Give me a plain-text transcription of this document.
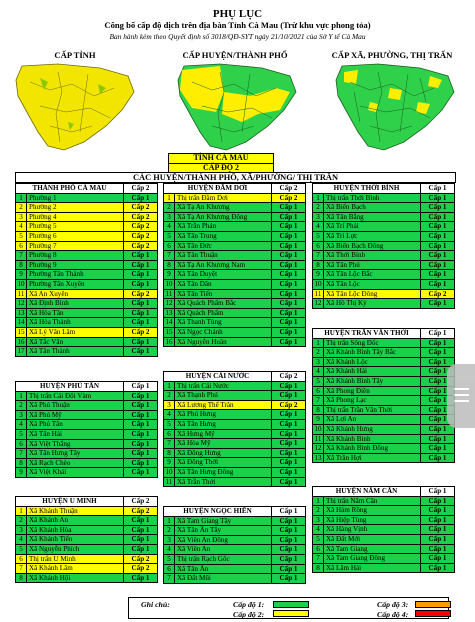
PHỤ LỤC
Công bố cấp độ dịch trên địa bàn Tỉnh Cà Mau (Trừ khu vực phong tỏa)
Ban hành kèm theo Quyết định số 3018/QĐ-SYT ngày 21/10/2021 của Sở Y tế Cà Mau
CẤP TỈNH	CẤP HUYỆN/THÀNH PHỐ	CẤP XÃ, PHƯỜNG, THỊ TRẤN
TỈNH CÀ MAU
CẤP ĐỘ 2
CÁC HUYỆN/THÀNH PHỐ, XÃ/PHƯỜNG/ THỊ TRẤN
THÀNH PHỐ CÀ MAU	Cấp 2
1 Phường 1	Cấp 1
2 Phường 2	Cấp 2
3 Phường 4	Cấp 2
4 Phường 5	Cấp 2
5 Phường 6	Cấp 2
6 Phường 7	Cấp 2
7 Phường 8	Cấp 1
8 Phường 9	Cấp 1
9 Phường Tân Thành	Cấp 1
10 Phường Tân Xuyên	Cấp 1
11 Xã An Xuyên	Cấp 2
12 Xã Định Bình	Cấp 1
13 Xã Hòa Tân	Cấp 1
14 Xã Hòa Thành	Cấp 1
15 Xã Lý Văn Lâm	Cấp 2
16 Xã Tắc Vân	Cấp 1
17 Xã Tân Thành	Cấp 1
HUYỆN PHÚ TÂN	Cấp 1
1 Thị trấn Cái Đôi Vàm	Cấp 1
2 Xã Phú Thuận	Cấp 1
3 Xã Phú Mỹ	Cấp 1
4 Xã Phú Tân	Cấp 1
5 Xã Tân Hải	Cấp 1
6 Xã Việt Thắng	Cấp 1
7 Xã Tân Hưng Tây	Cấp 1
8 Xã Rạch Chèo	Cấp 1
9 Xã Việt Khái	Cấp 1
HUYỆN U MINH	Cấp 2
1 Xã Khánh Thuận	Cấp 2
2 Xã Khánh An	Cấp 1
3 Xã Khánh Hòa	Cấp 1
4 Xã Khánh Tiến	Cấp 1
5 Xã Nguyễn Phích	Cấp 1
6 Thị trấn U Minh	Cấp 2
7 Xã Khánh Lâm	Cấp 2
8 Xã Khánh Hội	Cấp 1
HUYỆN ĐẦM DƠI	Cấp 2
1 Thị trấn Đầm Dơi	Cấp 2
2 Xã Tạ An Khương	Cấp 1
3 Xã Tạ An Khương Đông	Cấp 1
4 Xã Trần Phán	Cấp 1
5 Xã Tân Trung	Cấp 1
6 Xã Tân Đức	Cấp 1
7 Xã Tân Thuận	Cấp 1
8 Xã Tạ An Khương Nam	Cấp 1
9 Xã Tân Duyệt	Cấp 1
10 Xã Tân Dân	Cấp 1
11 Xã Tân Tiến	Cấp 1
12 Xã Quách Phẩm Bắc	Cấp 1
13 Xã Quách Phẩm	Cấp 1
14 Xã Thanh Tùng	Cấp 1
15 Xã Ngọc Chánh	Cấp 1
16 Xã Nguyễn Huân	Cấp 1
HUYỆN CÁI NƯỚC	Cấp 2
1 Thị trấn Cái Nước	Cấp 1
2 Xã Thạnh Phú	Cấp 1
3 Xã Lương Thế Trân	Cấp 2
4 Xã Phú Hưng	Cấp 1
5 Xã Tân Hưng	Cấp 1
6 Xã Hưng Mỹ	Cấp 1
7 Xã Hòa Mỹ	Cấp 1
8 Xã Đông Hưng	Cấp 1
9 Xã Đông Thới	Cấp 1
10 Xã Tân Hưng Đông	Cấp 1
11 Xã Trần Thới	Cấp 1
HUYỆN NGỌC HIỂN	Cấp 1
1 Xã Tam Giang Tây	Cấp 1
2 Xã Tân Ân Tây	Cấp 1
3 Xã Viên An Đông	Cấp 1
4 Xã Viên An	Cấp 1
5 Thị trấn Rạch Gốc	Cấp 1
6 Xã Tân Ân	Cấp 1
7 Xã Đất Mũi	Cấp 1
HUYỆN THỚI BÌNH	Cấp 1
1 Thị trấn Thới Bình	Cấp 1
2 Xã Biển Bạch	Cấp 1
3 Xã Tân Bằng	Cấp 1
4 Xã Trí Phải	Cấp 1
5 Xã Trí Lực	Cấp 1
6 Xã Biển Bạch Đông	Cấp 1
7 Xã Thới Bình	Cấp 1
8 Xã Tân Phú	Cấp 1
9 Xã Tân Lộc Bắc	Cấp 1
10 Xã Tân Lộc	Cấp 1
11 Xã Tân Lộc Đông	Cấp 2
12 Xã Hồ Thị Kỷ	Cấp 1
HUYỆN TRẦN VĂN THỜI	Cấp 1
1 Thị trấn Sông Đốc	Cấp 1
2 Xã Khánh Bình Tây Bắc	Cấp 1
3 Xã Khánh Lộc	Cấp 1
4 Xã Khánh Hải	Cấp 1
5 Xã Khánh Bình Tây	Cấp 1
6 Xã Phong Điền	Cấp 1
7 Xã Phong Lạc	Cấp 1
8 Thị trấn Trần Văn Thời	Cấp 1
9 Xã Lợi An	Cấp 1
10 Xã Khánh Hưng	Cấp 1
11 Xã Khánh Bình	Cấp 1
12 Xã Khánh Bình Đông	Cấp 1
13 Xã Trần Hợi	Cấp 1
HUYỆN NĂM CĂN	Cấp 1
1 Thị trấn Năm Căn	Cấp 1
2 Xã Hàm Rồng	Cấp 1
3 Xã Hiệp Tùng	Cấp 1
4 Xã Hàng Vịnh	Cấp 1
5 Xã Đất Mới	Cấp 1
6 Xã Tam Giang	Cấp 1
7 Xã Tam Giang Đông	Cấp 1
8 Xã Lâm Hải	Cấp 1
Ghi chú:	Cấp độ 1:
Cấp độ 2:
Cấp độ 3:
Cấp độ 4:
